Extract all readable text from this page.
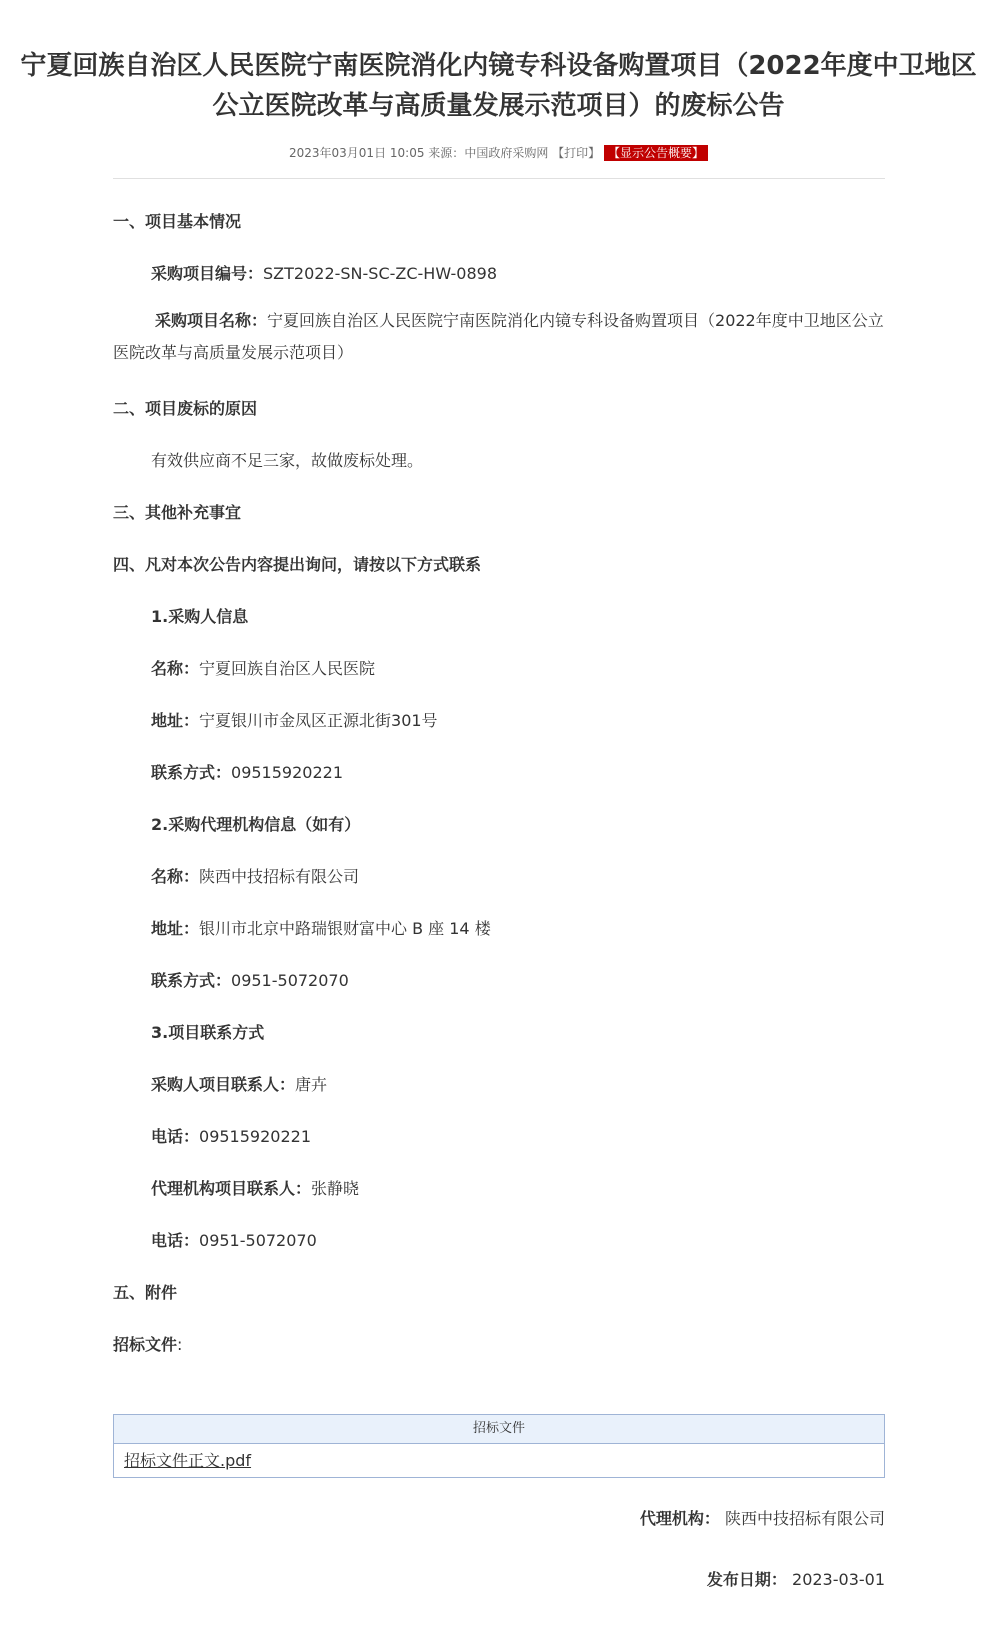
宁夏回族自治区人民医院宁南医院消化内镜专科设备购置项目（2022年度中卫地区
公立医院改革与高质量发展示范项目）的废标公告
2023年03月01日 10:05 来源：中国政府采购网 【打印】 【显示公告概要】
一、项目基本情况
采购项目编号：SZT2022-SN-SC-ZC-HW-0898
采购项目名称：宁夏回族自治区人民医院宁南医院消化内镜专科设备购置项目（2022年度中卫地区公立医院改革与高质量发展示范项目）
二、项目废标的原因
有效供应商不足三家，故做废标处理。
三、其他补充事宜
四、凡对本次公告内容提出询问，请按以下方式联系
1.采购人信息
名称：宁夏回族自治区人民医院
地址：宁夏银川市金凤区正源北街301号
联系方式：09515920221
2.采购代理机构信息（如有）
名称：陕西中技招标有限公司
地址：银川市北京中路瑞银财富中心 B 座 14 楼
联系方式：0951-5072070
3.项目联系方式
采购人项目联系人：唐卉
电话：09515920221
代理机构项目联系人：张静晓
电话：0951-5072070
五、附件
招标文件:
招标文件
招标文件正文.pdf
代理机构： 陕西中技招标有限公司
发布日期： 2023-03-01
